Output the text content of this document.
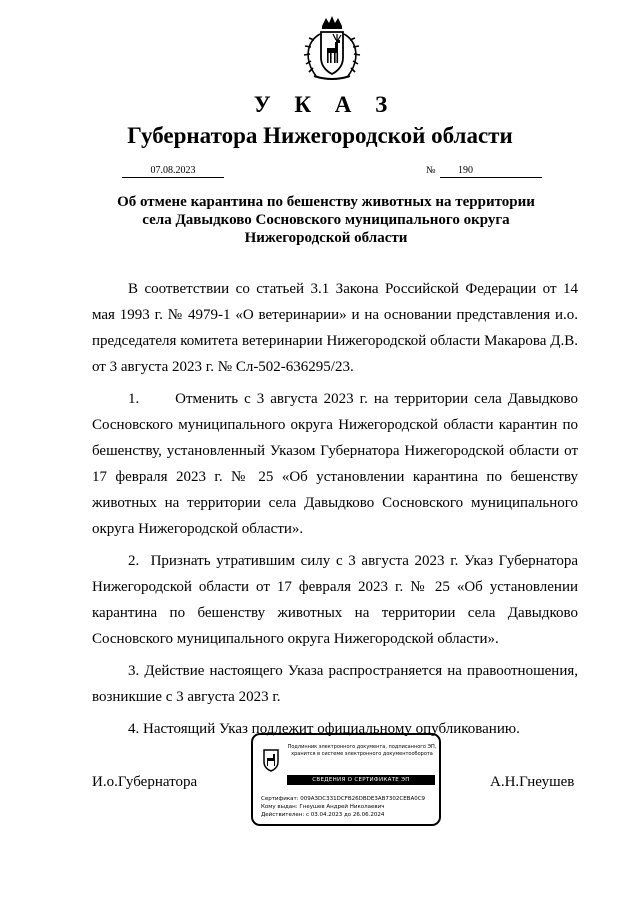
У К А З
Губернатора Нижегородской области
07.08.2023	№	190
Об отмене карантина по бешенству животных на территории
села Давыдково Сосновского муниципального округа
Нижегородской области

В соответствии со статьей 3.1 Закона Российской Федерации от 14 мая 1993 г. № 4979-1 «О ветеринарии» и на основании представления и.о. председателя комитета ветеринарии Нижегородской области Макарова Д.В. от 3 августа 2023 г. № Сл-502-636295/23.

1.      Отменить с 3 августа 2023 г. на территории села Давыдково Сосновского муниципального округа Нижегородской области карантин по бешенству, установленный Указом Губернатора Нижегородской области от 17 февраля 2023 г. № 25 «Об установлении карантина по бешенству животных на территории села Давыдково Сосновского муниципального округа Нижегородской области».

2.  Признать утратившим силу с 3 августа 2023 г. Указ Губернатора Нижегородской области от 17 февраля 2023 г. № 25 «Об установлении карантина по бешенству животных на территории села Давыдково Сосновского муниципального округа Нижегородской области».

3. Действие настоящего Указа распространяется на правоотношения, возникшие с 3 августа 2023 г.

4. Настоящий Указ подлежит официальному опубликованию.

И.о.Губернатора
Подлинник электронного документа, подписанного ЭП,
хранится в системе электронного документооборота
СВЕДЕНИЯ О СЕРТИФИКАТЕ ЭП
Сертификат: 009A3DC331DCFB26DBDE3AB7302CEBA0C9
Кому выдан: Гнеушев Андрей Николаевич
Действителен: с 03.04.2023 до 26.06.2024
А.Н.Гнеушев
